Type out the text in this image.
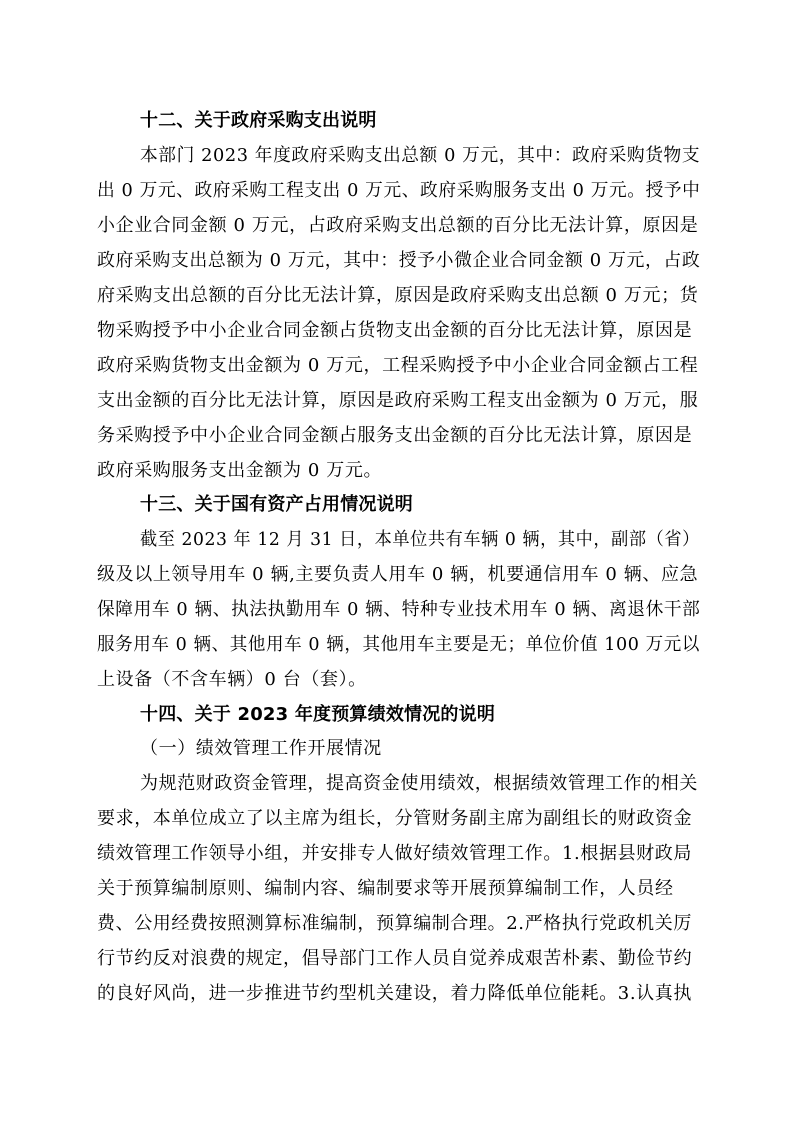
十二、关于政府采购支出说明
本部门 2023 年度政府采购支出总额 0 万元，其中：政府采购货物支
出 0 万元、政府采购工程支出 0 万元、政府采购服务支出 0 万元。授予中
小企业合同金额 0 万元，占政府采购支出总额的百分比无法计算，原因是
政府采购支出总额为 0 万元，其中：授予小微企业合同金额 0 万元，占政
府采购支出总额的百分比无法计算，原因是政府采购支出总额 0 万元；货
物采购授予中小企业合同金额占货物支出金额的百分比无法计算，原因是
政府采购货物支出金额为 0 万元，工程采购授予中小企业合同金额占工程
支出金额的百分比无法计算，原因是政府采购工程支出金额为 0 万元，服
务采购授予中小企业合同金额占服务支出金额的百分比无法计算，原因是
政府采购服务支出金额为 0 万元。
十三、关于国有资产占用情况说明
截至 2023 年 12 月 31 日，本单位共有车辆 0 辆，其中，副部（省）
级及以上领导用车 0 辆,主要负责人用车 0 辆，机要通信用车 0 辆、应急
保障用车 0 辆、执法执勤用车 0 辆、特种专业技术用车 0 辆、离退休干部
服务用车 0 辆、其他用车 0 辆，其他用车主要是无；单位价值 100 万元以
上设备（不含车辆）0 台（套）。
十四、关于 2023 年度预算绩效情况的说明
（一）绩效管理工作开展情况
为规范财政资金管理，提高资金使用绩效，根据绩效管理工作的相关
要求，本单位成立了以主席为组长，分管财务副主席为副组长的财政资金
绩效管理工作领导小组，并安排专人做好绩效管理工作。1.根据县财政局
关于预算编制原则、编制内容、编制要求等开展预算编制工作，人员经
费、公用经费按照测算标准编制，预算编制合理。2.严格执行党政机关厉
行节约反对浪费的规定，倡导部门工作人员自觉养成艰苦朴素、勤俭节约
的良好风尚，进一步推进节约型机关建设，着力降低单位能耗。3.认真执
